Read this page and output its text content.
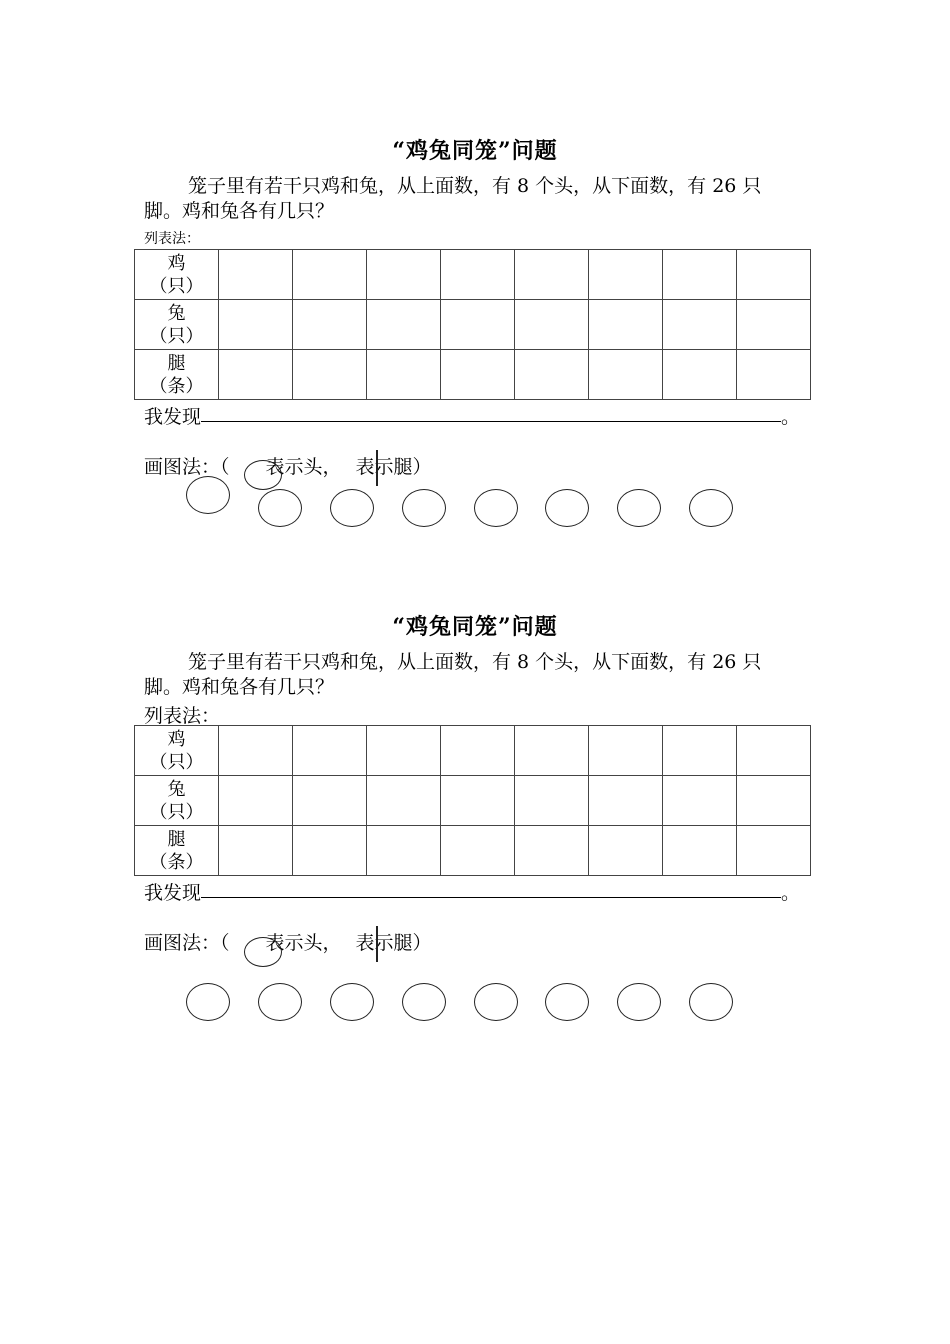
“鸡兔同笼”问题
笼子里有若干只鸡和兔，从上面数，有 8 个头，从下面数，有 26 只
脚。鸡和兔各有几只？
列表法：
鸡
（只）								
兔
（只）								
腿
（条）								
我发现	。
画图法：（ 表示头， 表示腿）
“鸡兔同笼”问题
笼子里有若干只鸡和兔，从上面数，有 8 个头，从下面数，有 26 只
脚。鸡和兔各有几只？
列表法：
鸡
（只）								
兔
（只）								
腿
（条）								
我发现	。
画图法：（ 表示头， 表示腿）
